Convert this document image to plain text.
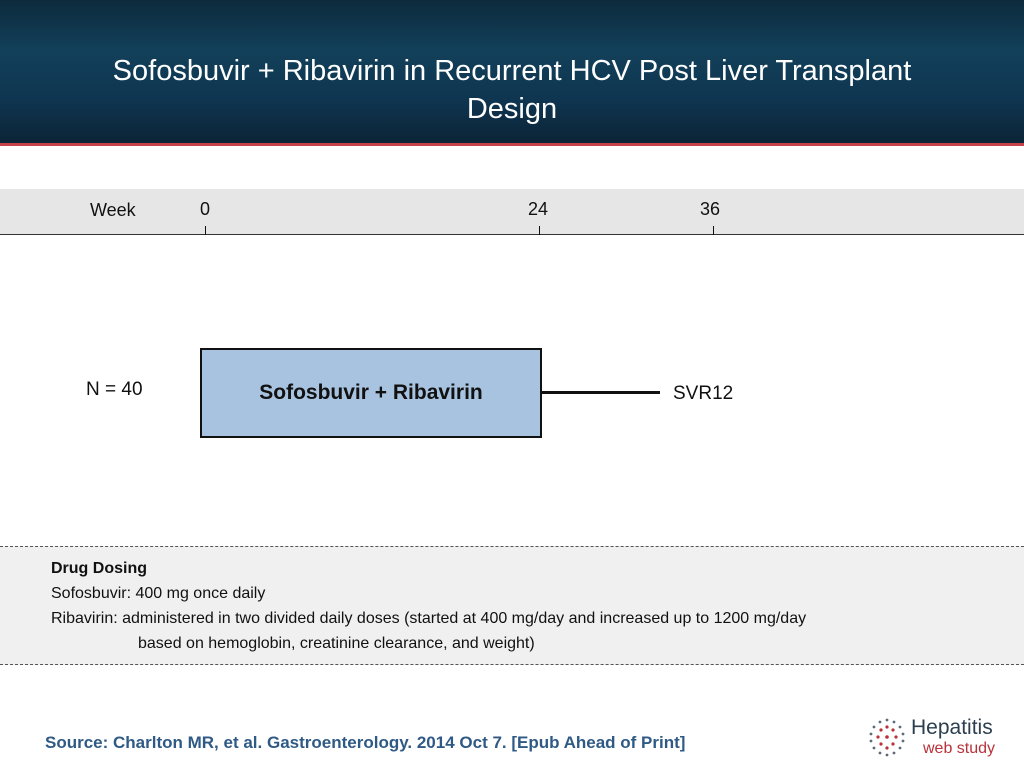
Sofosbuvir + Ribavirin in Recurrent HCV Post Liver Transplant
Design
Week	0	24	36
N = 40	Sofosbuvir + Ribavirin	SVR12
Drug Dosing
Sofosbuvir: 400 mg once daily
Ribavirin: administered in two divided daily doses (started at 400 mg/day and increased up to 1200 mg/day
based on hemoglobin, creatinine clearance, and weight)
Source: Charlton MR, et al. Gastroenterology. 2014 Oct 7. [Epub Ahead of Print]
Hepatitis
web study
